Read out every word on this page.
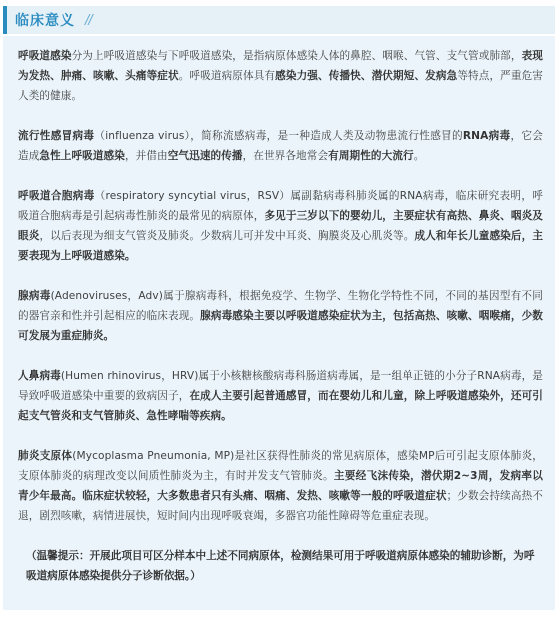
临床意义 //

呼吸道感染分为上呼吸道感染与下呼吸道感染，是指病原体感染人体的鼻腔、咽喉、气管、支气管或肺部，表现为发热、肿痛、咳嗽、头痛等症状。呼吸道病原体具有感染力强、传播快、潜伏期短、发病急等特点，严重危害人类的健康。

流行性感冒病毒（influenza virus），简称流感病毒，是一种造成人类及动物患流行性感冒的RNA病毒，它会造成急性上呼吸道感染，并借由空气迅速的传播，在世界各地常会有周期性的大流行。

呼吸道合胞病毒（respiratory syncytial virus，RSV）属副黏病毒科肺炎属的RNA病毒，临床研究表明，呼吸道合胞病毒是引起病毒性肺炎的最常见的病原体，多见于三岁以下的婴幼儿，主要症状有高热、鼻炎、咽炎及眼炎，以后表现为细支气管炎及肺炎。少数病儿可并发中耳炎、胸膜炎及心肌炎等。成人和年长儿童感染后，主要表现为上呼吸道感染。

腺病毒(Adenoviruses，Adv)属于腺病毒科，根据免疫学、生物学、生物化学特性不同，不同的基因型有不同的器官亲和性并引起相应的临床表现。腺病毒感染主要以呼吸道感染症状为主，包括高热、咳嗽、咽喉痛，少数可发展为重症肺炎。

人鼻病毒(Humen rhinovirus，HRV)属于小核糖核酸病毒科肠道病毒属，是一组单正链的小分子RNA病毒，是导致呼吸道感染中重要的致病因子，在成人主要引起普通感冒，而在婴幼儿和儿童，除上呼吸道感染外，还可引起支气管炎和支气管肺炎、急性哮喘等疾病。

肺炎支原体(Mycoplasma Pneumonia, MP)是社区获得性肺炎的常见病原体，感染MP后可引起支原体肺炎，支原体肺炎的病理改变以间质性肺炎为主，有时并发支气管肺炎。主要经飞沫传染，潜伏期2~3周，发病率以青少年最高。临床症状较轻，大多数患者只有头痛、咽痛、发热、咳嗽等一般的呼吸道症状；少数会持续高热不退，剧烈咳嗽，病情进展快，短时间内出现呼吸衰竭，多器官功能性障碍等危重症表现。

（温馨提示：开展此项目可区分样本中上述不同病原体，检测结果可用于呼吸道病原体感染的辅助诊断，为呼吸道病原体感染提供分子诊断依据。）
